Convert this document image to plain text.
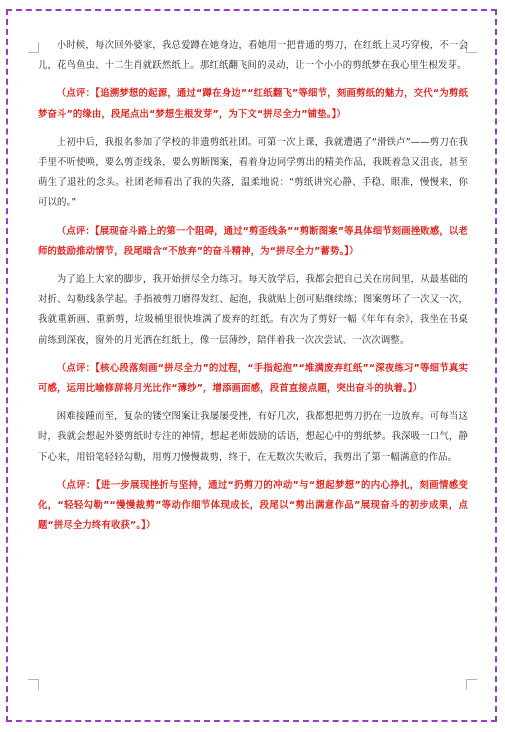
小时候，每次回外婆家，我总爱蹲在她身边，看她用一把普通的剪刀，在红纸上灵巧穿梭，不一会儿，花鸟鱼虫、十二生肖就跃然纸上。那红纸翻飞间的灵动，让一个小小的剪纸梦在我心里生根发芽。

（点评：【追溯梦想的起源，通过“蹲在身边”“红纸翻飞”等细节，刻画剪纸的魅力，交代“为剪纸梦奋斗”的缘由，段尾点出“梦想生根发芽”，为下文“拼尽全力”铺垫。】）

上初中后，我报名参加了学校的非遗剪纸社团。可第一次上课，我就遭遇了“滑铁卢”——剪刀在我手里不听使唤，要么剪歪线条，要么剪断图案，看着身边同学剪出的精美作品，我既着急又沮丧，甚至萌生了退社的念头。社团老师看出了我的失落，温柔地说：“剪纸讲究心静、手稳、眼准，慢慢来，你可以的。”

（点评：【展现奋斗路上的第一个阻碍，通过“剪歪线条”“剪断图案”等具体细节刻画挫败感，以老师的鼓励推动情节，段尾暗含“不放弃”的奋斗精神，为“拼尽全力”蓄势。】）

为了追上大家的脚步，我开始拼尽全力练习。每天放学后，我都会把自己关在房间里，从最基础的对折、勾勒线条学起。手指被剪刀磨得发红、起泡，我就贴上创可贴继续练；图案剪坏了一次又一次，我就重新画、重新剪，垃圾桶里很快堆满了废弃的红纸。有次为了剪好一幅《年年有余》，我坐在书桌前练到深夜，窗外的月光洒在红纸上，像一层薄纱，陪伴着我一次次尝试、一次次调整。

（点评：【核心段落刻画“拼尽全力”的过程，“手指起泡”“堆满废弃红纸”“深夜练习”等细节真实可感，运用比喻修辞将月光比作“薄纱”，增添画面感，段首直接点题，突出奋斗的执着。】）

困难接踵而至，复杂的镂空图案让我屡屡受挫，有好几次，我都想把剪刀扔在一边放弃。可每当这时，我就会想起外婆剪纸时专注的神情，想起老师鼓励的话语，想起心中的剪纸梦。我深吸一口气，静下心来，用铅笔轻轻勾勒，用剪刀慢慢裁剪，终于，在无数次失败后，我剪出了第一幅满意的作品。

（点评：【进一步展现挫折与坚持，通过“扔剪刀的冲动”与“想起梦想”的内心挣扎，刻画情感变化，“轻轻勾勒”“慢慢裁剪”等动作细节体现成长，段尾以“剪出满意作品”展现奋斗的初步成果，点题“拼尽全力终有收获”。】）
